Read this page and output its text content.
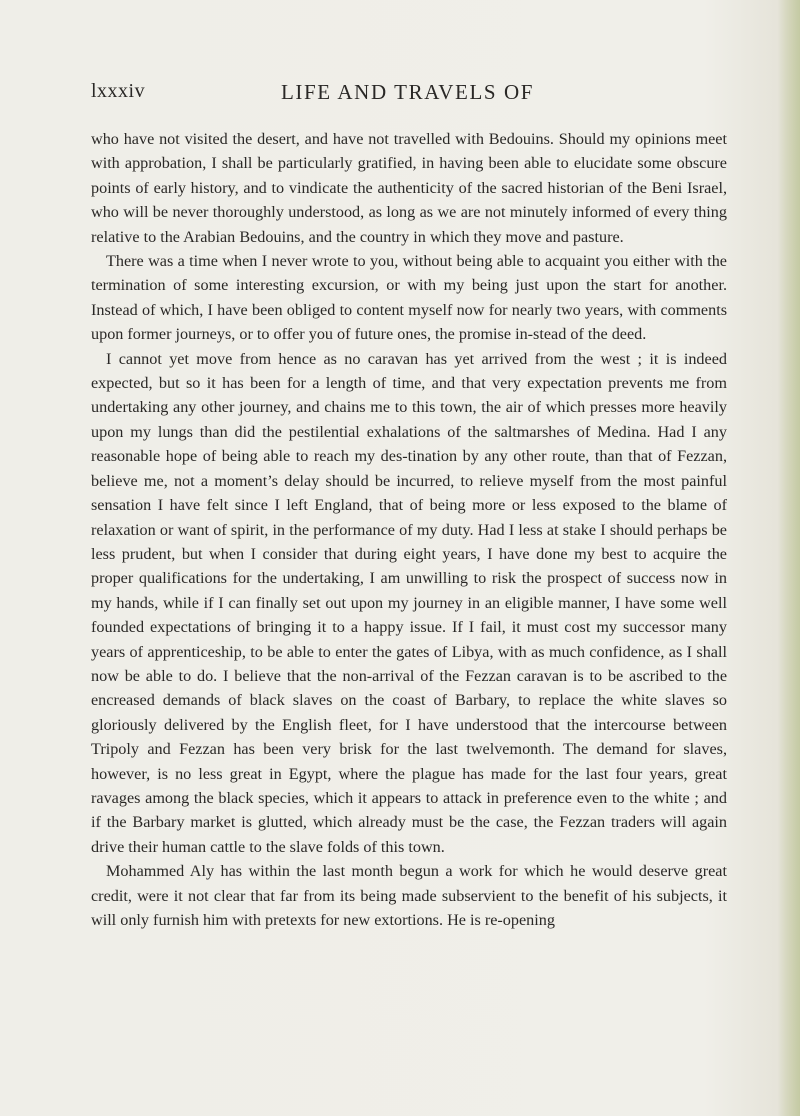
lxxxiv	LIFE AND TRAVELS OF

who have not visited the desert, and have not travelled with Bedouins. Should my opinions meet with approbation, I shall be particularly gratified, in having been able to elucidate some obscure points of early history, and to vindicate the authenticity of the sacred historian of the Beni Israel, who will be never thoroughly understood, as long as we are not minutely informed of every thing relative to the Arabian Bedouins, and the country in which they move and pasture.

There was a time when I never wrote to you, without being able to acquaint you either with the termination of some interesting excursion, or with my being just upon the start for another. Instead of which, I have been obliged to content myself now for nearly two years, with comments upon former journeys, or to offer you of future ones, the promise in-stead of the deed.

I cannot yet move from hence as no caravan has yet arrived from the west ; it is indeed expected, but so it has been for a length of time, and that very expectation prevents me from undertaking any other journey, and chains me to this town, the air of which presses more heavily upon my lungs than did the pestilential exhalations of the saltmarshes of Medina. Had I any reasonable hope of being able to reach my des-tination by any other route, than that of Fezzan, believe me, not a moment’s delay should be incurred, to relieve myself from the most painful sensation I have felt since I left England, that of being more or less exposed to the blame of relaxation or want of spirit, in the performance of my duty. Had I less at stake I should perhaps be less prudent, but when I consider that during eight years, I have done my best to acquire the proper qualifications for the undertaking, I am unwilling to risk the prospect of success now in my hands, while if I can finally set out upon my journey in an eligible manner, I have some well founded expectations of bringing it to a happy issue. If I fail, it must cost my successor many years of apprenticeship, to be able to enter the gates of Libya, with as much confidence, as I shall now be able to do. I believe that the non-arrival of the Fezzan caravan is to be ascribed to the encreased demands of black slaves on the coast of Barbary, to replace the white slaves so gloriously delivered by the English fleet, for I have understood that the intercourse between Tripoly and Fezzan has been very brisk for the last twelvemonth. The demand for slaves, however, is no less great in Egypt, where the plague has made for the last four years, great ravages among the black species, which it appears to attack in preference even to the white ; and if the Barbary market is glutted, which already must be the case, the Fezzan traders will again drive their human cattle to the slave folds of this town.

Mohammed Aly has within the last month begun a work for which he would deserve great credit, were it not clear that far from its being made subservient to the benefit of his subjects, it will only furnish him with pretexts for new extortions. He is re-opening
